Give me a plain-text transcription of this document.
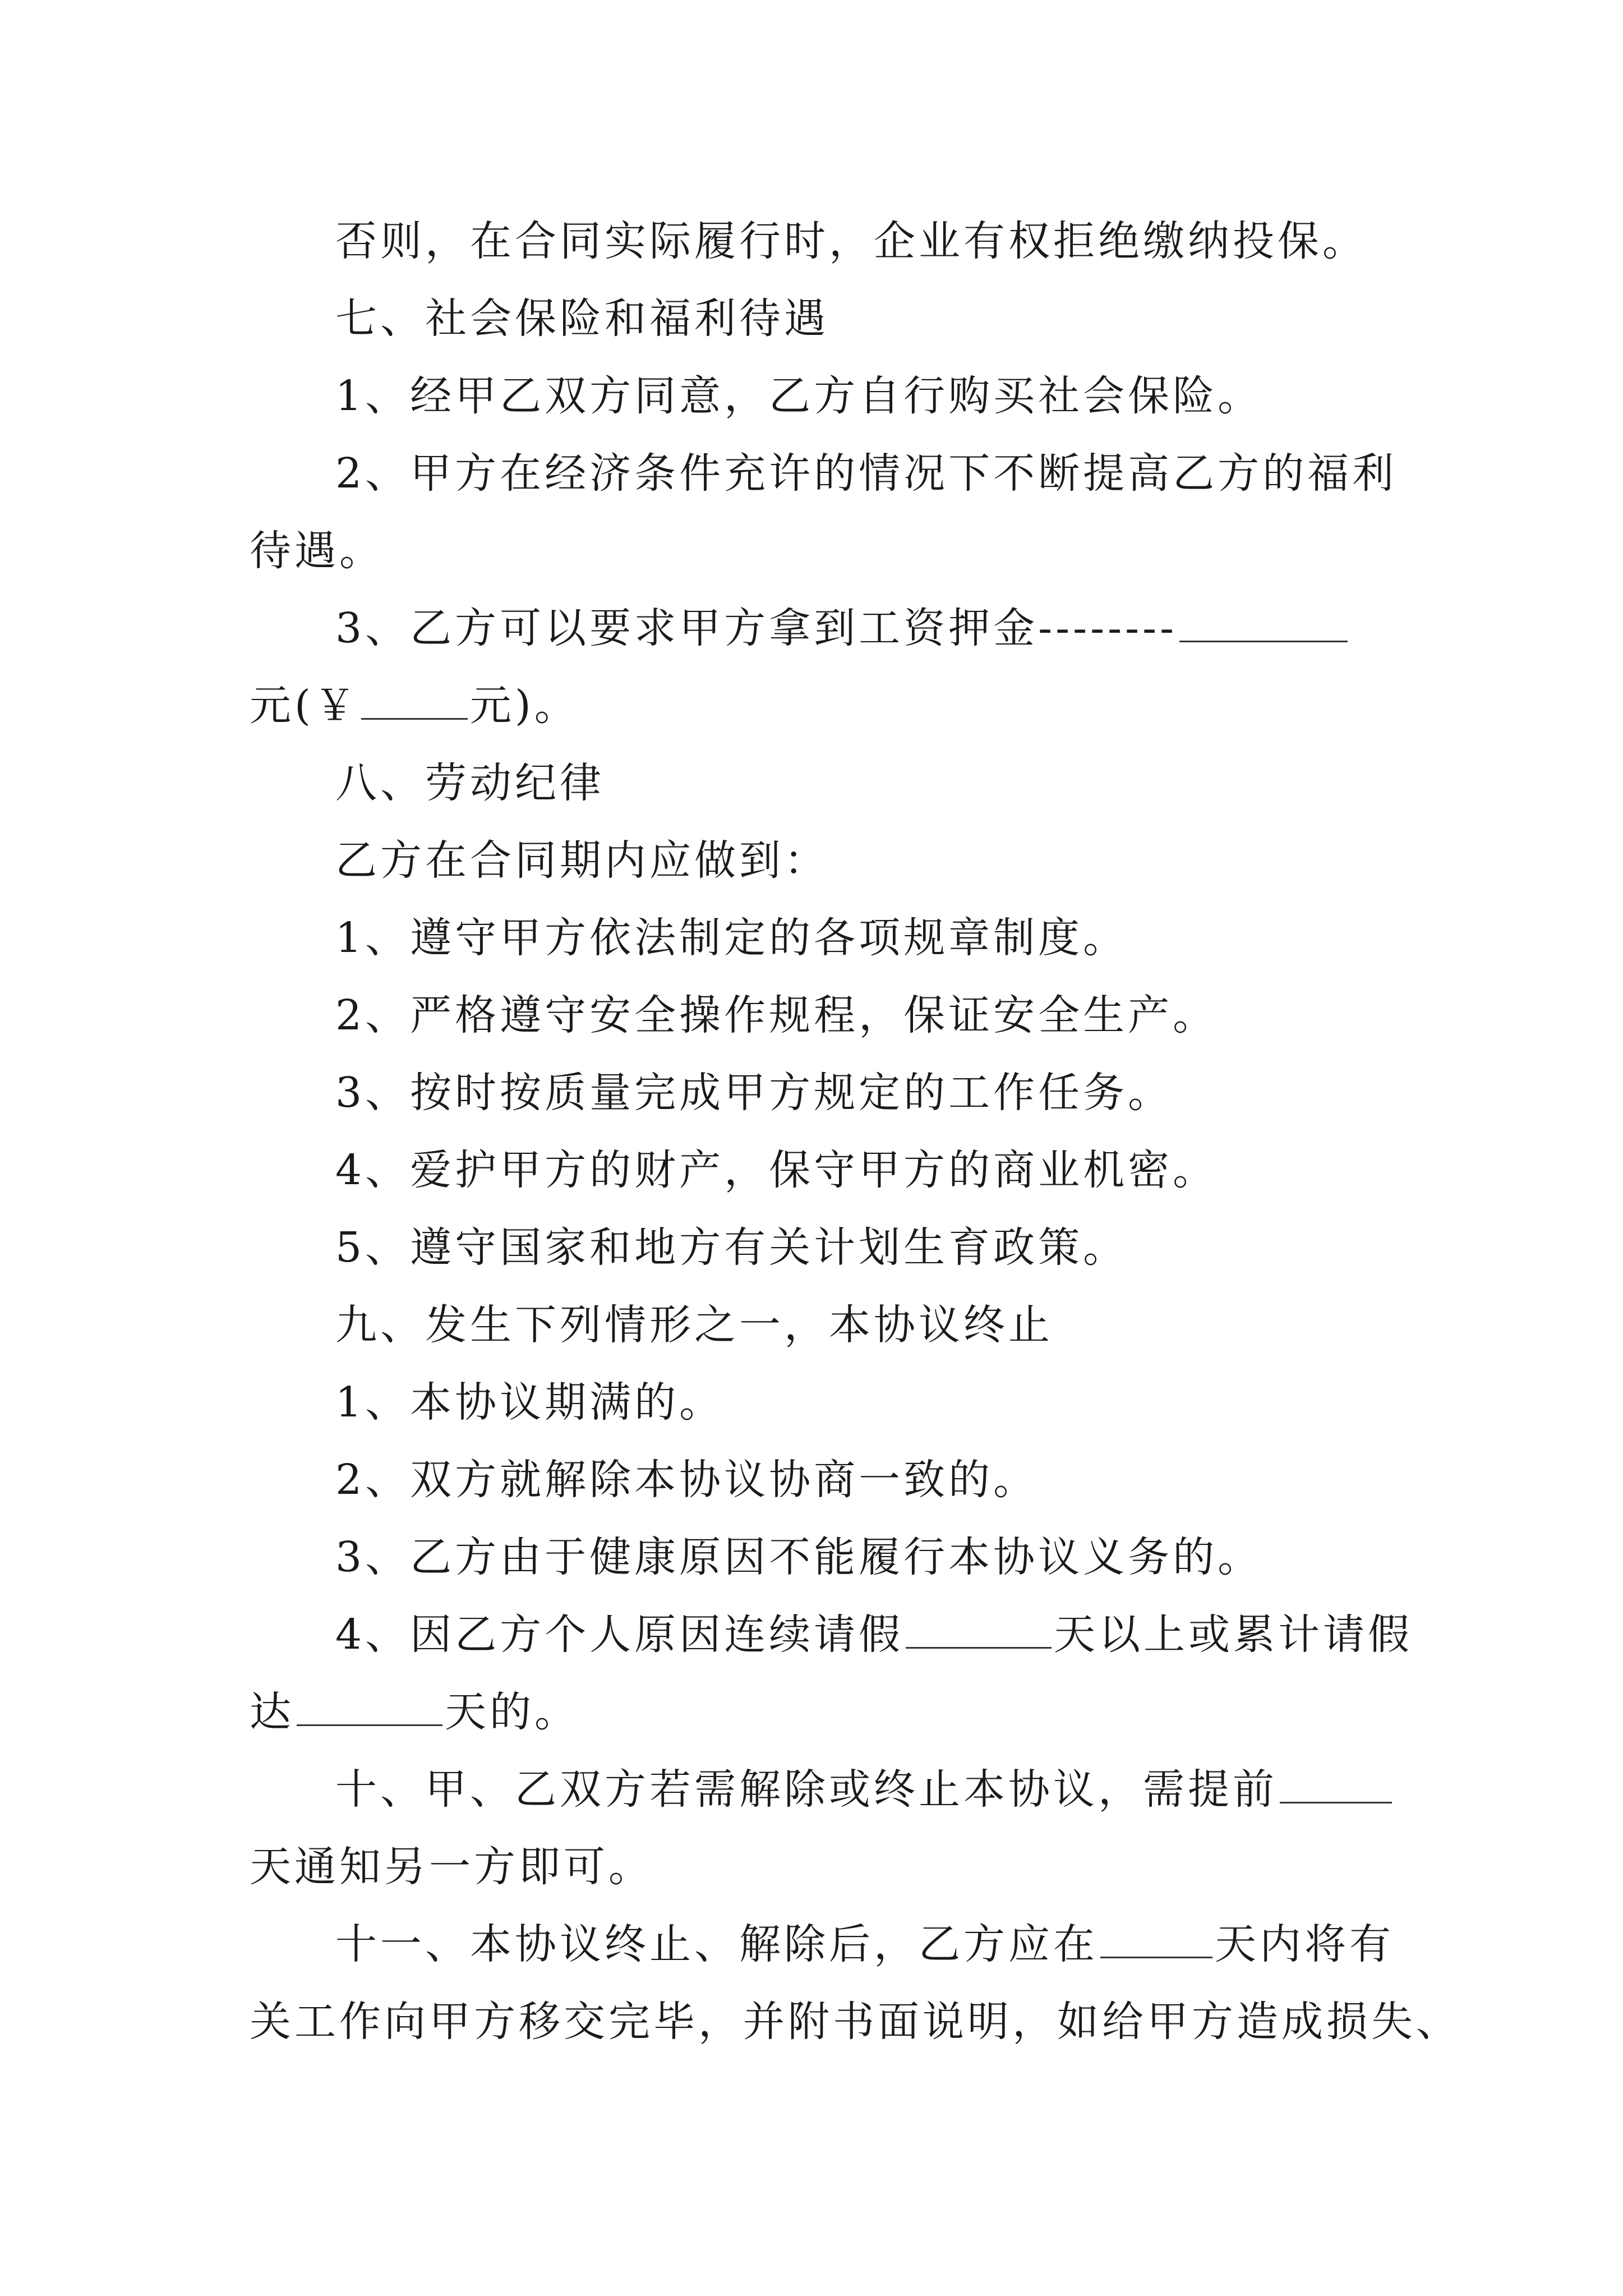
否则，在合同实际履行时，企业有权拒绝缴纳投保。
七、社会保险和福利待遇
1、经甲乙双方同意，乙方自行购买社会保险。
2、甲方在经济条件充许的情况下不断提高乙方的福利
待遇。
3、乙方可以要求甲方拿到工资押金--------
元(￥	元)。
八、劳动纪律
乙方在合同期内应做到：
1、遵守甲方依法制定的各项规章制度。
2、严格遵守安全操作规程，保证安全生产。
3、按时按质量完成甲方规定的工作任务。
4、爱护甲方的财产，保守甲方的商业机密。
5、遵守国家和地方有关计划生育政策。
九、发生下列情形之一，本协议终止
1、本协议期满的。
2、双方就解除本协议协商一致的。
3、乙方由于健康原因不能履行本协议义务的。
4、因乙方个人原因连续请假	天以上或累计请假
达	天的。
十、甲、乙双方若需解除或终止本协议，需提前
天通知另一方即可。
十一、本协议终止、解除后，乙方应在	天内将有
关工作向甲方移交完毕，并附书面说明，如给甲方造成损失、
